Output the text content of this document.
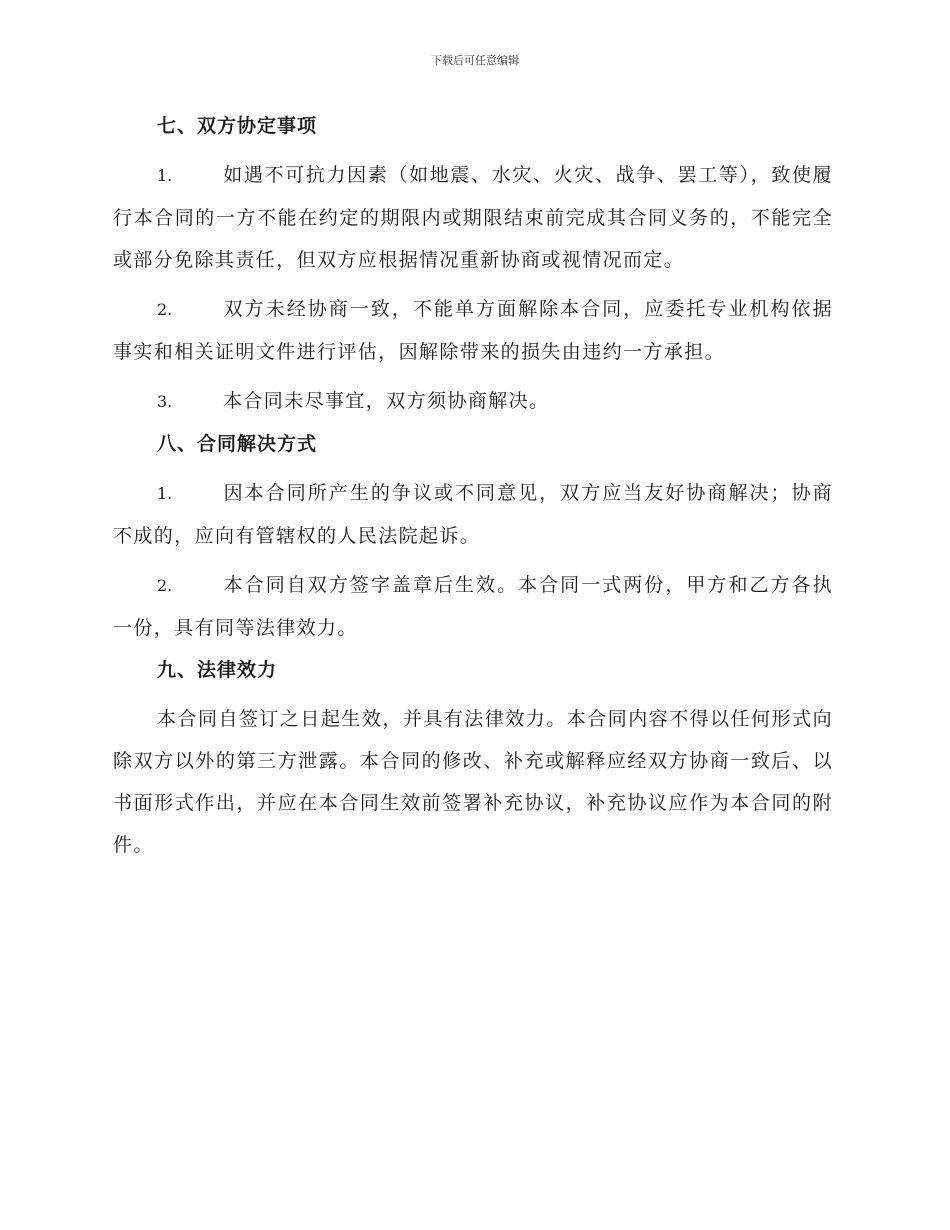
下载后可任意编辑
七、双方协定事项
1.	如遇不可抗力因素（如地震、水灾、火灾、战争、罢工等），致使履行本合同的一方不能在约定的期限内或期限结束前完成其合同义务的，不能完全或部分免除其责任，但双方应根据情况重新协商或视情况而定。
2.	双方未经协商一致，不能单方面解除本合同，应委托专业机构依据事实和相关证明文件进行评估，因解除带来的损失由违约一方承担。
3.	本合同未尽事宜，双方须协商解决。
八、合同解决方式
1.	因本合同所产生的争议或不同意见，双方应当友好协商解决；协商不成的，应向有管辖权的人民法院起诉。
2.	本合同自双方签字盖章后生效。本合同一式两份，甲方和乙方各执一份，具有同等法律效力。
九、法律效力

本合同自签订之日起生效，并具有法律效力。本合同内容不得以任何形式向除双方以外的第三方泄露。本合同的修改、补充或解释应经双方协商一致后、以书面形式作出，并应在本合同生效前签署补充协议，补充协议应作为本合同的附件。
